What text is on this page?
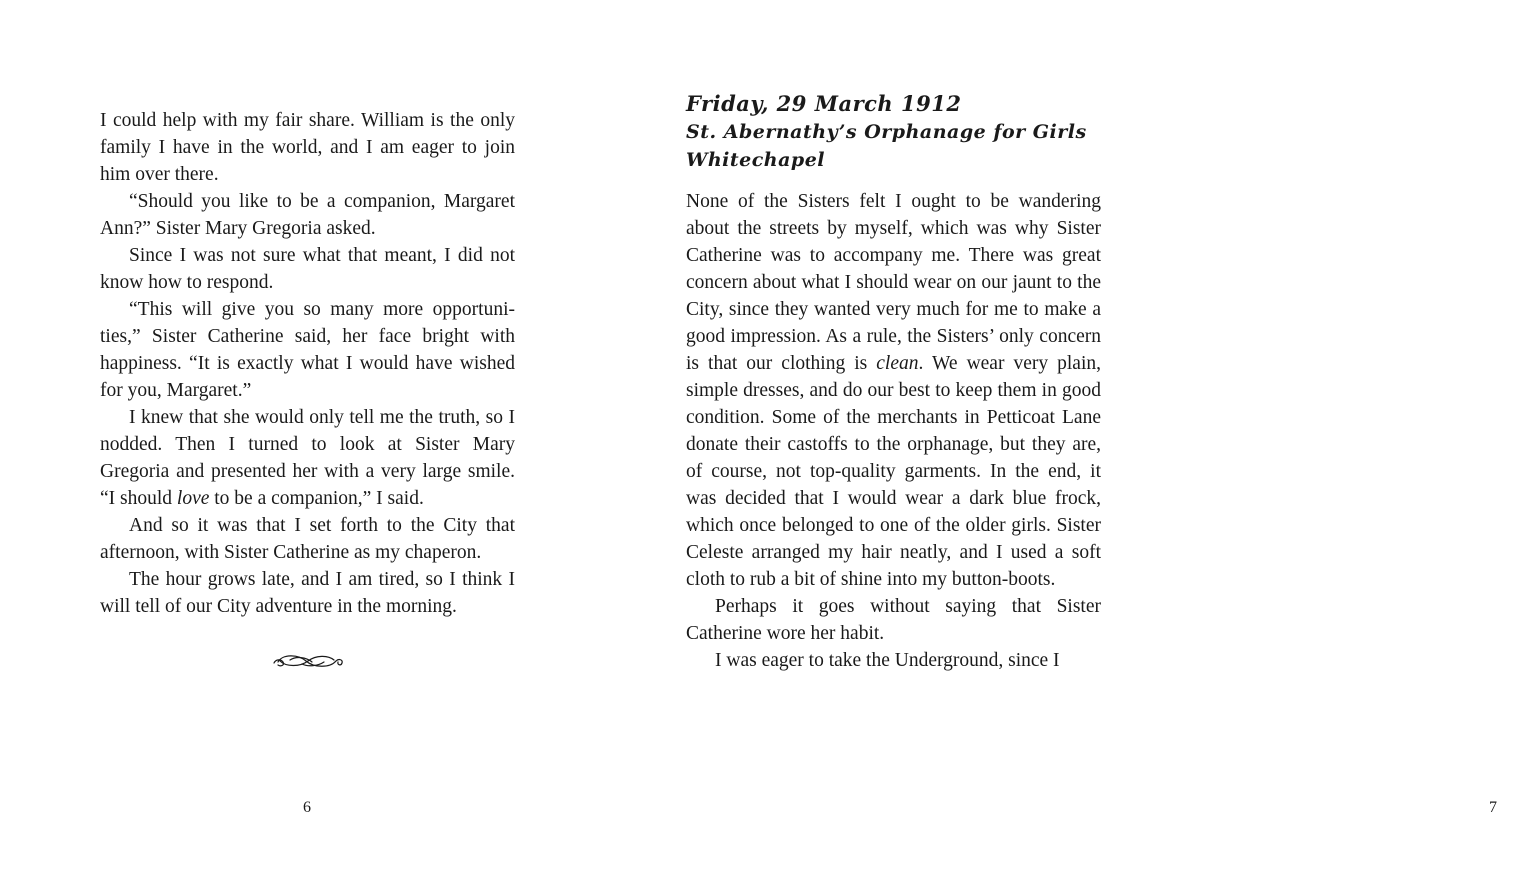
I could help with my fair share. William is the only family I have in the world, and I am eager to join him over there.

“Should you like to be a companion, Margaret Ann?” Sister Mary Gregoria asked.

Since I was not sure what that meant, I did not know how to respond.

“This will give you so many more opportunities,” Sister Catherine said, her face bright with happiness. “It is exactly what I would have wished for you, Margaret.”

I knew that she would only tell me the truth, so I nodded. Then I turned to look at Sister Mary Gregoria and presented her with a very large smile. “I should love to be a companion,” I said.

And so it was that I set forth to the City that afternoon, with Sister Catherine as my chaperon.

The hour grows late, and I am tired, so I think I will tell of our City adventure in the morning.

6
Friday, 29 March 1912
St. Abernathy’s Orphanage for Girls
Whitechapel

None of the Sisters felt I ought to be wandering about the streets by myself, which was why Sister Catherine was to accompany me. There was great concern about what I should wear on our jaunt to the City, since they wanted very much for me to make a good impression. As a rule, the Sisters’ only concern is that our clothing is clean. We wear very plain, simple dresses, and do our best to keep them in good condition. Some of the merchants in Petticoat Lane donate their castoffs to the orphanage, but they are, of course, not top-quality garments. In the end, it was decided that I would wear a dark blue frock, which once belonged to one of the older girls. Sister Celeste arranged my hair neatly, and I used a soft cloth to rub a bit of shine into my button-boots.

Perhaps it goes without saying that Sister Catherine wore her habit.

I was eager to take the Underground, since I

7
